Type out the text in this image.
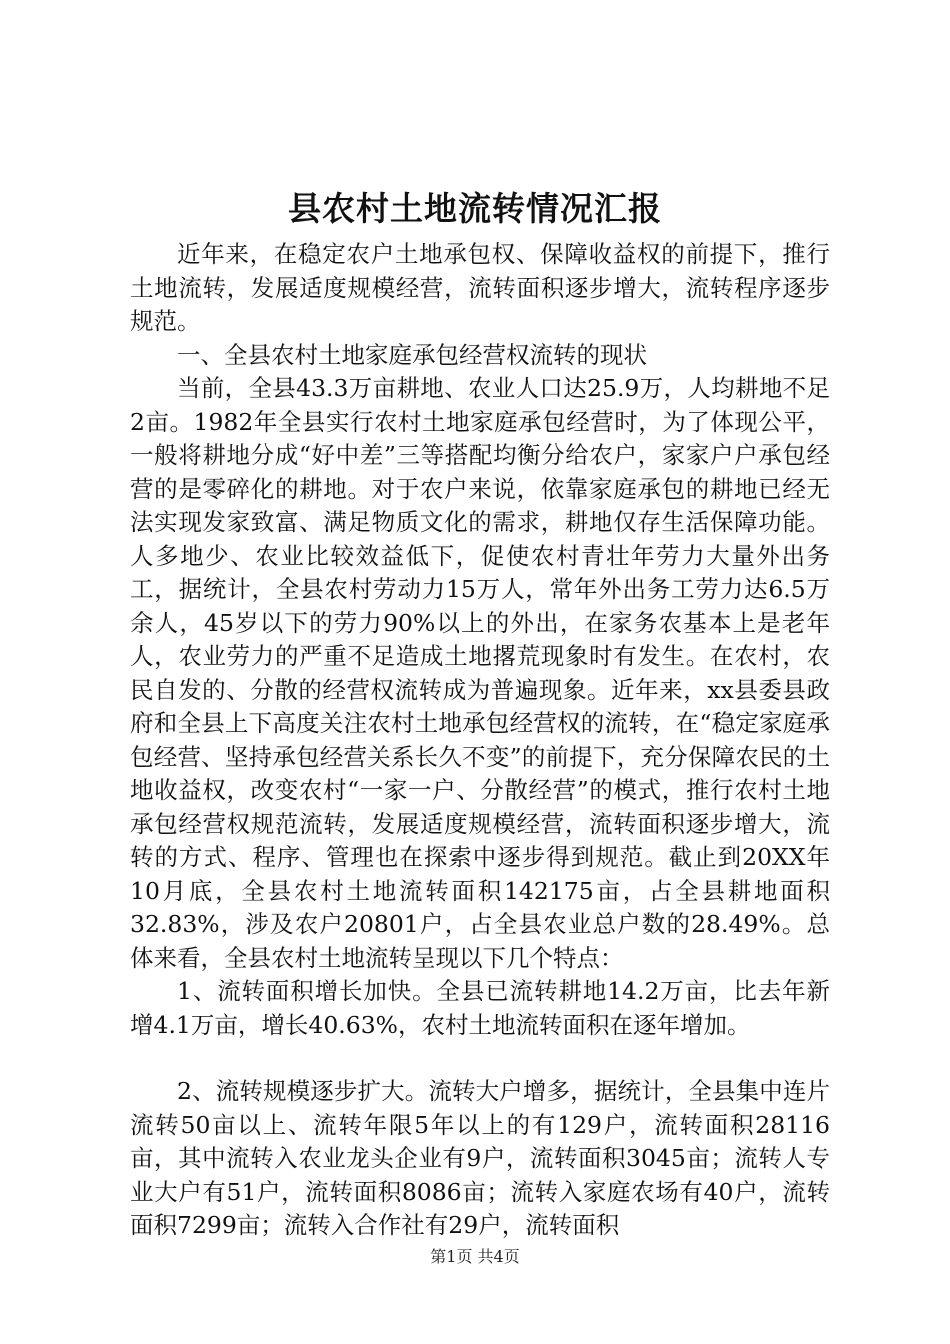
县农村土地流转情况汇报

近年来，在稳定农户土地承包权、保障收益权的前提下，推行土地流转，发展适度规模经营，流转面积逐步增大，流转程序逐步规范。

一、全县农村土地家庭承包经营权流转的现状

当前，全县43.3万亩耕地、农业人口达25.9万，人均耕地不足2亩。1982年全县实行农村土地家庭承包经营时，为了体现公平，一般将耕地分成“好中差”三等搭配均衡分给农户，家家户户承包经营的是零碎化的耕地。对于农户来说，依靠家庭承包的耕地已经无法实现发家致富、满足物质文化的需求，耕地仅存生活保障功能。人多地少、农业比较效益低下，促使农村青壮年劳力大量外出务工，据统计，全县农村劳动力15万人，常年外出务工劳力达6.5万余人，45岁以下的劳力90%以上的外出，在家务农基本上是老年人，农业劳力的严重不足造成土地撂荒现象时有发生。在农村，农民自发的、分散的经营权流转成为普遍现象。近年来，xx县委县政府和全县上下高度关注农村土地承包经营权的流转，在“稳定家庭承包经营、坚持承包经营关系长久不变”的前提下，充分保障农民的土地收益权，改变农村“一家一户、分散经营”的模式，推行农村土地承包经营权规范流转，发展适度规模经营，流转面积逐步增大，流转的方式、程序、管理也在探索中逐步得到规范。截止到20XX年10月底，全县农村土地流转面积142175亩，占全县耕地面积32.83%，涉及农户20801户，占全县农业总户数的28.49%。总体来看，全县农村土地流转呈现以下几个特点：

1、流转面积增长加快。全县已流转耕地14.2万亩，比去年新增4.1万亩，增长40.63%，农村土地流转面积在逐年增加。

2、流转规模逐步扩大。流转大户增多，据统计，全县集中连片流转50亩以上、流转年限5年以上的有129户，流转面积28116亩，其中流转入农业龙头企业有9户，流转面积3045亩；流转人专业大户有51户，流转面积8086亩；流转入家庭农场有40户，流转面积7299亩；流转入合作社有29户，流转面积

第1页 共4页
